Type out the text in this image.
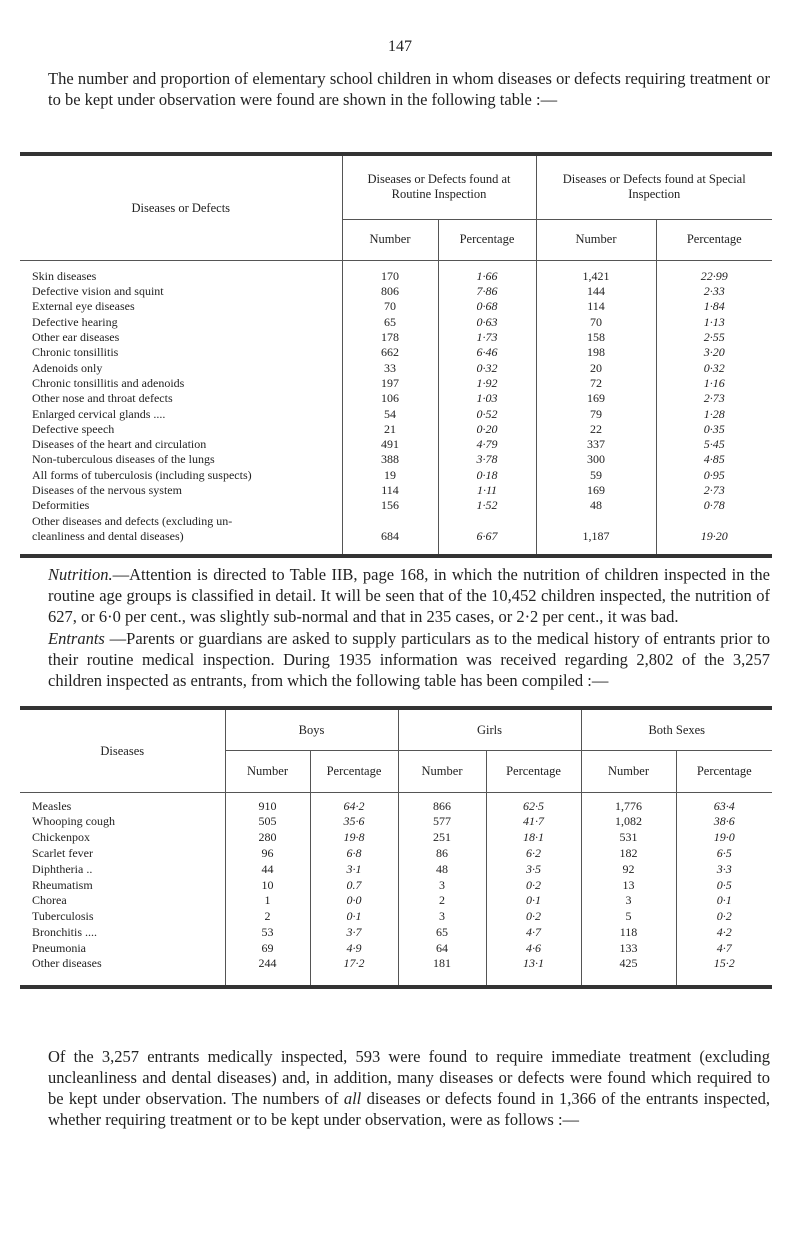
147

The number and proportion of elementary school children in whom diseases or defects requiring treatment or to be kept under observation were found are shown in the following table :—

Diseases or Defects	Diseases or Defects found at Routine Inspection		Diseases or Defects found at Special Inspection	
	Number	Percentage	Number	Percentage
Skin diseases	170	1·66	1,421	22·99
Defective vision and squint	806	7·86	144	2·33
External eye diseases	70	0·68	114	1·84
Defective hearing	65	0·63	70	1·13
Other ear diseases	178	1·73	158	2·55
Chronic tonsillitis	662	6·46	198	3·20
Adenoids only	33	0·32	20	0·32
Chronic tonsillitis and adenoids	197	1·92	72	1·16
Other nose and throat defects	106	1·03	169	2·73
Enlarged cervical glands ....	54	0·52	79	1·28
Defective speech	21	0·20	22	0·35
Diseases of the heart and circulation	491	4·79	337	5·45
Non-tuberculous diseases of the lungs	388	3·78	300	4·85
All forms of tuberculosis (including suspects)	19	0·18	59	0·95
Diseases of the nervous system	114	1·11	169	2·73
Deformities	156	1·52	48	0·78
Other diseases and defects (excluding un-				
cleanliness and dental diseases)	684	6·67	1,187	19·20

Nutrition.—Attention is directed to Table IIB, page 168, in which the nutrition of children inspected in the routine age groups is classified in detail. It will be seen that of the 10,452 children inspected, the nutrition of 627, or 6·0 per cent., was slightly sub-normal and that in 235 cases, or 2·2 per cent., it was bad.

Entrants —Parents or guardians are asked to supply particulars as to the medical history of entrants prior to their routine medical inspection. During 1935 information was received regarding 2,802 of the 3,257 children inspected as entrants, from which the following table has been compiled :—

Diseases	Boys		Girls		Both Sexes	
	Number	Percentage	Number	Percentage	Number	Percentage
Measles	910	64·2	866	62·5	1,776	63·4
Whooping cough	505	35·6	577	41·7	1,082	38·6
Chickenpox	280	19·8	251	18·1	531	19·0
Scarlet fever	96	6·8	86	6·2	182	6·5
Diphtheria ..	44	3·1	48	3·5	92	3·3
Rheumatism	10	0.7	3	0·2	13	0·5
Chorea	1	0·0	2	0·1	3	0·1
Tuberculosis	2	0·1	3	0·2	5	0·2
Bronchitis ....	53	3·7	65	4·7	118	4·2
Pneumonia	69	4·9	64	4·6	133	4·7
Other diseases	244	17·2	181	13·1	425	15·2

Of the 3,257 entrants medically inspected, 593 were found to require immediate treatment (excluding uncleanliness and dental diseases) and, in addition, many diseases or defects were found which required to be kept under observation. The numbers of all diseases or defects found in 1,366 of the entrants inspected, whether requiring treatment or to be kept under observation, were as follows :—
